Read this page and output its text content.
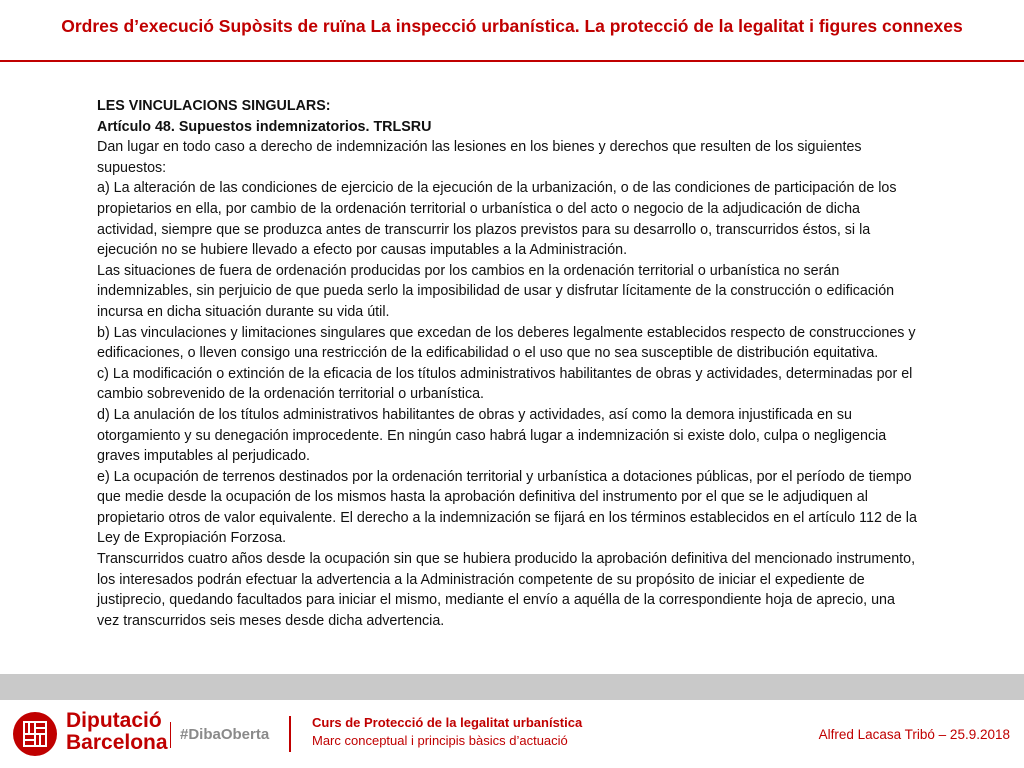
Ordres d’execució Supòsits de ruïna La inspecció urbanística. La protecció de la legalitat i figures connexes

LES VINCULACIONS SINGULARS:

Artículo 48. Supuestos indemnizatorios. TRLSRU

Dan lugar en todo caso a derecho de indemnización las lesiones en los bienes y derechos que resulten de los siguientes supuestos:

a) La alteración de las condiciones de ejercicio de la ejecución de la urbanización, o de las condiciones de participación de los propietarios en ella, por cambio de la ordenación territorial o urbanística o del acto o negocio de la adjudicación de dicha actividad, siempre que se produzca antes de transcurrir los plazos previstos para su desarrollo o, transcurridos éstos, si la ejecución no se hubiere llevado a efecto por causas imputables a la Administración.

Las situaciones de fuera de ordenación producidas por los cambios en la ordenación territorial o urbanística no serán indemnizables, sin perjuicio de que pueda serlo la imposibilidad de usar y disfrutar lícitamente de la construcción o edificación incursa en dicha situación durante su vida útil.

b) Las vinculaciones y limitaciones singulares que excedan de los deberes legalmente establecidos respecto de construcciones y edificaciones, o lleven consigo una restricción de la edificabilidad o el uso que no sea susceptible de distribución equitativa.

c) La modificación o extinción de la eficacia de los títulos administrativos habilitantes de obras y actividades, determinadas por el cambio sobrevenido de la ordenación territorial o urbanística.

d) La anulación de los títulos administrativos habilitantes de obras y actividades, así como la demora injustificada en su otorgamiento y su denegación improcedente. En ningún caso habrá lugar a indemnización si existe dolo, culpa o negligencia graves imputables al perjudicado.

e) La ocupación de terrenos destinados por la ordenación territorial y urbanística a dotaciones públicas, por el período de tiempo que medie desde la ocupación de los mismos hasta la aprobación definitiva del instrumento por el que se le adjudiquen al propietario otros de valor equivalente. El derecho a la indemnización se fijará en los términos establecidos en el artículo 112 de la Ley de Expropiación Forzosa.

Transcurridos cuatro años desde la ocupación sin que se hubiera producido la aprobación definitiva del mencionado instrumento, los interesados podrán efectuar la advertencia a la Administración competente de su propósito de iniciar el expediente de justiprecio, quedando facultados para iniciar el mismo, mediante el envío a aquélla de la correspondiente hoja de aprecio, una vez transcurridos seis meses desde dicha advertencia.

Diputació
Barcelona #DibaOberta
Curs de Protecció de la legalitat urbanística
Marc conceptual i principis bàsics d’actuació	Alfred Lacasa Tribó – 25.9.2018
